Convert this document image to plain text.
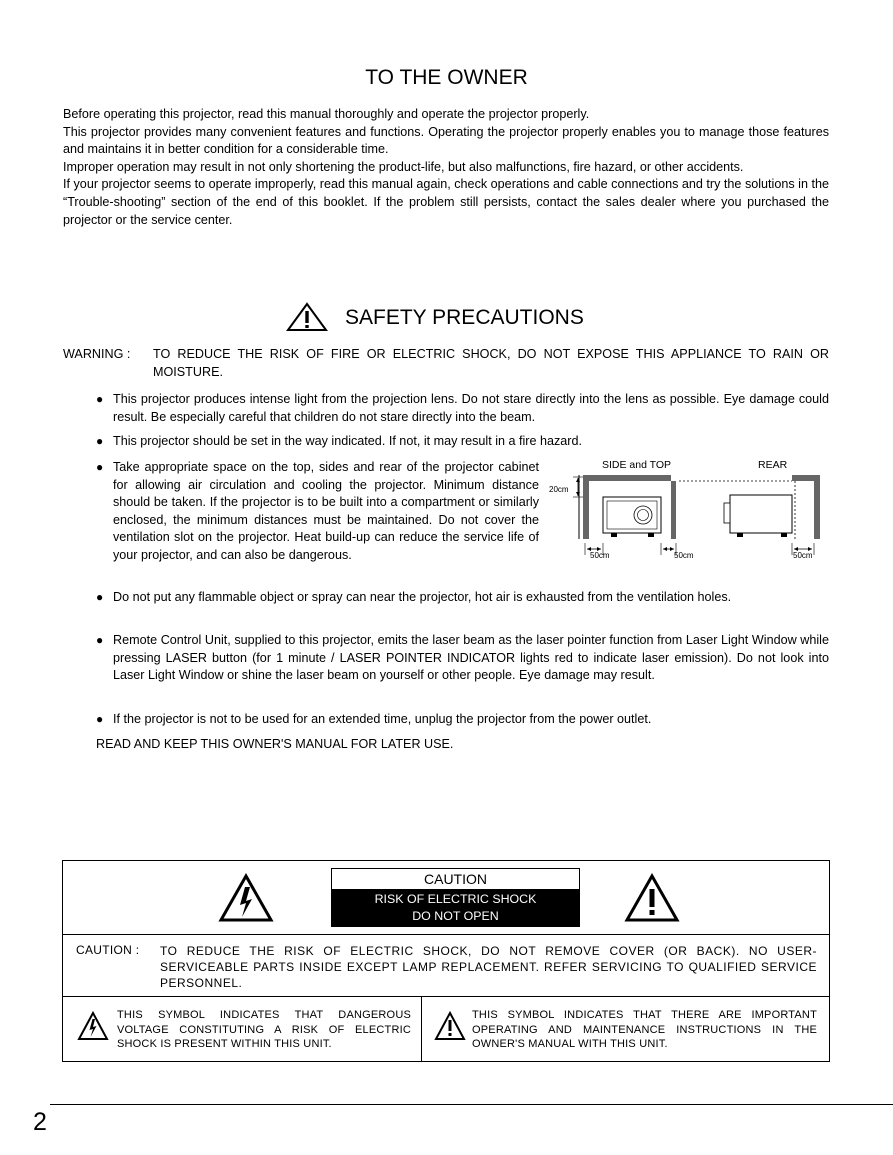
TO THE OWNER

Before operating this projector, read this manual thoroughly and operate the projector properly.

This projector provides many convenient features and functions. Operating the projector properly enables you to manage those features and maintains it in better condition for a considerable time.

Improper operation may result in not only shortening the product-life, but also malfunctions, fire hazard, or other accidents.

If your projector seems to operate improperly, read this manual again, check operations and cable connections and try the solutions in the “Trouble-shooting” section of the end of this booklet. If the problem still persists, contact the sales dealer where you purchased the projector or the service center.

SAFETY PRECAUTIONS
WARNING : TO REDUCE THE RISK OF FIRE OR ELECTRIC SHOCK, DO NOT EXPOSE THIS APPLIANCE TO RAIN OR MOISTURE.
● This projector produces intense light from the projection lens. Do not stare directly into the lens as possible. Eye damage could result. Be especially careful that children do not stare directly into the beam.
● This projector should be set in the way indicated. If not, it may result in a fire hazard.
● Take appropriate space on the top, sides and rear of the projector cabinet for allowing air circulation and cooling the projector. Minimum distance should be taken. If the projector is to be built into a compartment or similarly enclosed, the minimum distances must be maintained. Do not cover the ventilation slot on the projector. Heat build-up can reduce the service life of your projector, and can also be dangerous.
● Do not put any flammable object or spray can near the projector, hot air is exhausted from the ventilation holes.
● Remote Control Unit, supplied to this projector, emits the laser beam as the laser pointer function from Laser Light Window while pressing LASER button (for 1 minute / LASER POINTER INDICATOR lights red to indicate laser emission). Do not look into Laser Light Window or shine the laser beam on yourself or other people. Eye damage may result.
● If the projector is not to be used for an extended time, unplug the projector from the power outlet.
READ AND KEEP THIS OWNER'S MANUAL FOR LATER USE.
SIDE and TOP	REAR
20cm
50cm	50cm	50cm
CAUTION
RISK OF ELECTRIC SHOCK
DO NOT OPEN
CAUTION : TO REDUCE THE RISK OF ELECTRIC SHOCK, DO NOT REMOVE COVER (OR BACK). NO USER-SERVICEABLE PARTS INSIDE EXCEPT LAMP REPLACEMENT. REFER SERVICING TO QUALIFIED SERVICE PERSONNEL.
THIS SYMBOL INDICATES THAT DANGEROUS VOLTAGE CONSTITUTING A RISK OF ELECTRIC SHOCK IS PRESENT WITHIN THIS UNIT.
THIS SYMBOL INDICATES THAT THERE ARE IMPORTANT OPERATING AND MAINTENANCE INSTRUCTIONS IN THE OWNER'S MANUAL WITH THIS UNIT.
2
